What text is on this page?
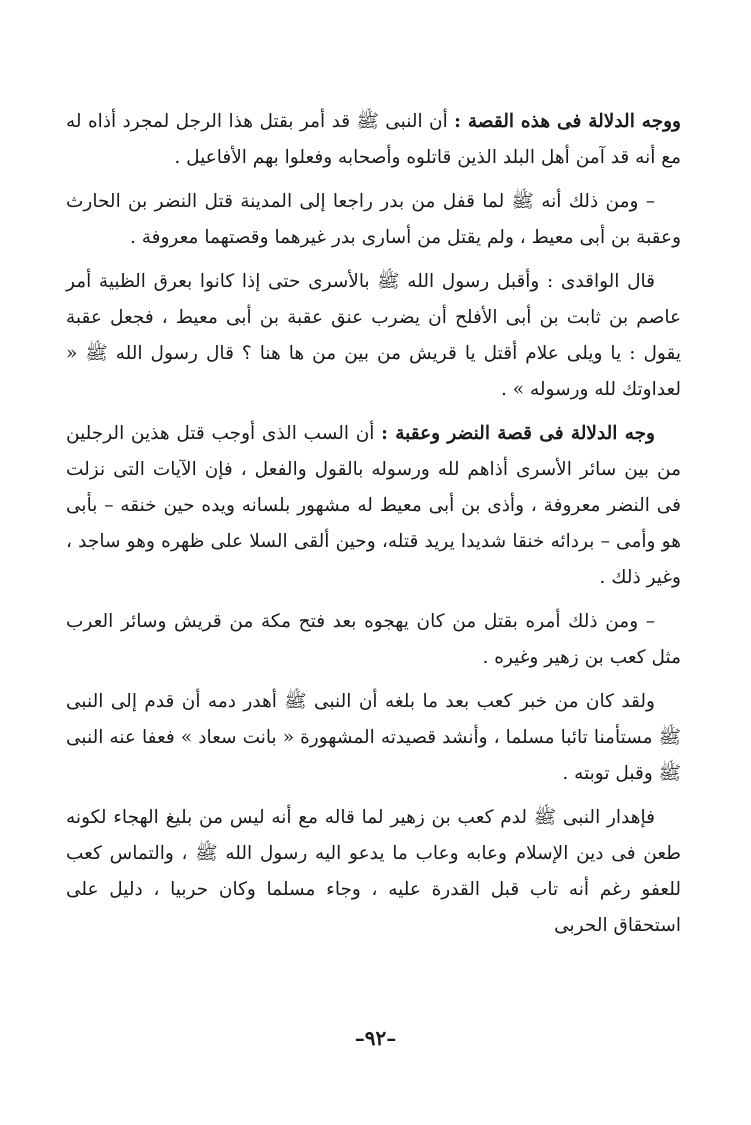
ووجه الدلالة فى هذه القصة : أن النبى ﷺ قد أمر بقتل هذا الرجل لمجرد أذاه له مع أنه قد آمن أهل البلد الذين قاتلوه وأصحابه وفعلوا بهم الأفاعيل .

– ومن ذلك أنه ﷺ لما قفل من بدر راجعا إلى المدينة قتل النضر بن الحارث وعقبة بن أبى معيط ، ولم يقتل من أسارى بدر غيرهما وقصتهما معروفة .

قال الواقدى : وأقبل رسول الله ﷺ بالأسرى حتى إذا كانوا بعرق الظبية أمر عاصم بن ثابت بن أبى الأفلح أن يضرب عنق عقبة بن أبى معيط ، فجعل عقبة يقول : يا ويلى علام أقتل يا قريش من بين من ها هنا ؟ قال رسول الله ﷺ « لعداوتك لله ورسوله » .

وجه الدلالة فى قصة النضر وعقبة : أن السب الذى أوجب قتل هذين الرجلين من بين سائر الأسرى أذاهم لله ورسوله بالقول والفعل ، فإن الآيات التى نزلت فى النضر معروفة ، وأذى بن أبى معيط له مشهور بلسانه ويده حين خنقه – بأبى هو وأمى – بردائه خنقا شديدا يريد قتله، وحين ألقى السلا على ظهره وهو ساجد ، وغير ذلك .

– ومن ذلك أمره بقتل من كان يهجوه بعد فتح مكة من قريش وسائر العرب مثل كعب بن زهير وغيره .

ولقد كان من خبر كعب بعد ما بلغه أن النبى ﷺ أهدر دمه أن قدم إلى النبى ﷺ مستأمنا تائبا مسلما ، وأنشد قصيدته المشهورة « بانت سعاد » فعفا عنه النبى ﷺ وقبل توبته .

فإهدار النبى ﷺ لدم كعب بن زهير لما قاله مع أنه ليس من بليغ الهجاء لكونه طعن فى دين الإسلام وعابه وعاب ما يدعو اليه رسول الله ﷺ ، والتماس كعب للعفو رغم أنه تاب قبل القدرة عليه ، وجاء مسلما وكان حربيا ، دليل على استحقاق الحربى

–٩٢–
